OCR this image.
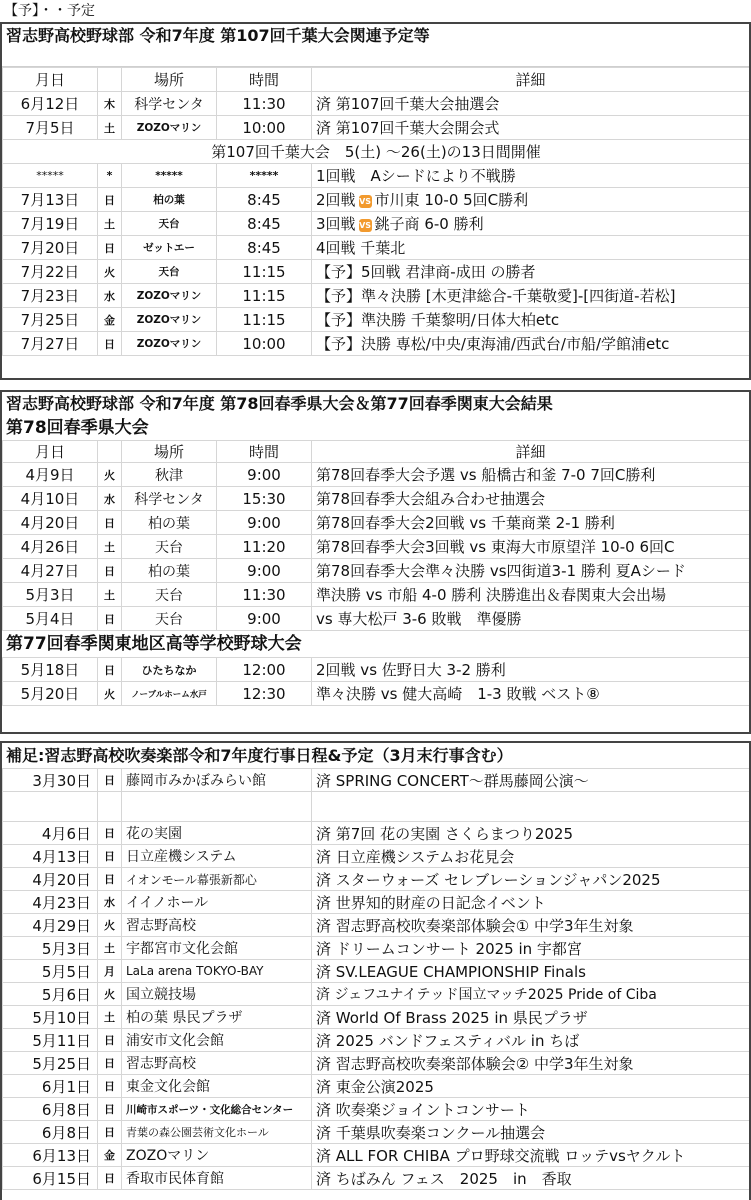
【予】・・予定
習志野高校野球部 令和7年度 第107回千葉大会関連予定等
月日		場所	時間	詳細
6月12日	木	科学センタ	11:30	済 第107回千葉大会抽選会
7月5日	土	ZOZOマリン	10:00	済 第107回千葉大会開会式
第107回千葉大会　5(土) ～26(土)の13日間開催				
*****	*	*****	*****	1回戦　Aシードにより不戦勝
7月13日	日	柏の葉	8:45	2回戦 VS 市川東 10-0 5回C勝利
7月19日	土	天台	8:45	3回戦 VS 銚子商 6-0 勝利
7月20日	日	ゼットエー	8:45	4回戦 千葉北
7月22日	火	天台	11:15	【予】5回戦 君津商-成田 の勝者
7月23日	水	ZOZOマリン	11:15	【予】準々決勝 [木更津総合-千葉敬愛]-[四街道-若松]
7月25日	金	ZOZOマリン	11:15	【予】準決勝 千葉黎明/日体大柏etc
7月27日	日	ZOZOマリン	10:00	【予】決勝 専松/中央/東海浦/西武台/市船/学館浦etc
習志野高校野球部 令和7年度 第78回春季県大会＆第77回春季関東大会結果
第78回春季県大会
月日		場所	時間	詳細
4月9日	火	秋津	9:00	第78回春季大会予選 vs 船橋古和釜 7-0 7回C勝利
4月10日	水	科学センタ	15:30	第78回春季大会組み合わせ抽選会
4月20日	日	柏の葉	9:00	第78回春季大会2回戦 vs 千葉商業 2-1 勝利
4月26日	土	天台	11:20	第78回春季大会3回戦 vs 東海大市原望洋 10-0 6回C
4月27日	日	柏の葉	9:00	第78回春季大会準々決勝 vs四街道3-1 勝利 夏Aシード
5月3日	土	天台	11:30	準決勝 vs 市船 4-0 勝利 決勝進出＆春関東大会出場
5月4日	日	天台	9:00	vs 専大松戸 3-6 敗戦　準優勝
第77回春季関東地区高等学校野球大会
5月18日	日	ひたちなか	12:00	2回戦 vs 佐野日大 3-2 勝利
5月20日	火	ノーブルホーム水戸	12:30	準々決勝 vs 健大高崎　1-3 敗戦 ベスト⑧
補足:習志野高校吹奏楽部令和7年度行事日程&予定（3月末行事含む）
3月30日	日	藤岡市みかぼみらい館	済 SPRING CONCERT～群馬藤岡公演～

4月6日	日	花の実園	済 第7回 花の実園 さくらまつり2025
4月13日	日	日立産機システム	済 日立産機システムお花見会
4月20日	日	イオンモール幕張新都心	済 スターウォーズ セレブレーションジャパン2025
4月23日	水	イイノホール	済 世界知的財産の日記念イベント
4月29日	火	習志野高校	済 習志野高校吹奏楽部体験会① 中学3年生対象
5月3日	土	宇都宮市文化会館	済 ドリームコンサート 2025 in 宇都宮
5月5日	月	LaLa arena TOKYO-BAY	済 SV.LEAGUE CHAMPIONSHIP Finals
5月6日	火	国立競技場	済 ジェフユナイテッド国立マッチ2025 Pride of Ciba
5月10日	土	柏の葉 県民プラザ	済 World Of Brass 2025 in 県民プラザ
5月11日	日	浦安市文化会館	済 2025 バンドフェスティバル in ちば
5月25日	日	習志野高校	済 習志野高校吹奏楽部体験会② 中学3年生対象
6月1日	日	東金文化会館	済 東金公演2025
6月8日	日	川崎市スポーツ・文化総合センター	済 吹奏楽ジョイントコンサート
6月8日	日	青葉の森公園芸術文化ホール	済 千葉県吹奏楽コンクール抽選会
6月13日	金	ZOZOマリン	済 ALL FOR CHIBA プロ野球交流戦 ロッテvsヤクルト
6月15日	日	香取市民体育館	済 ちばみん フェス　2025　in　香取
